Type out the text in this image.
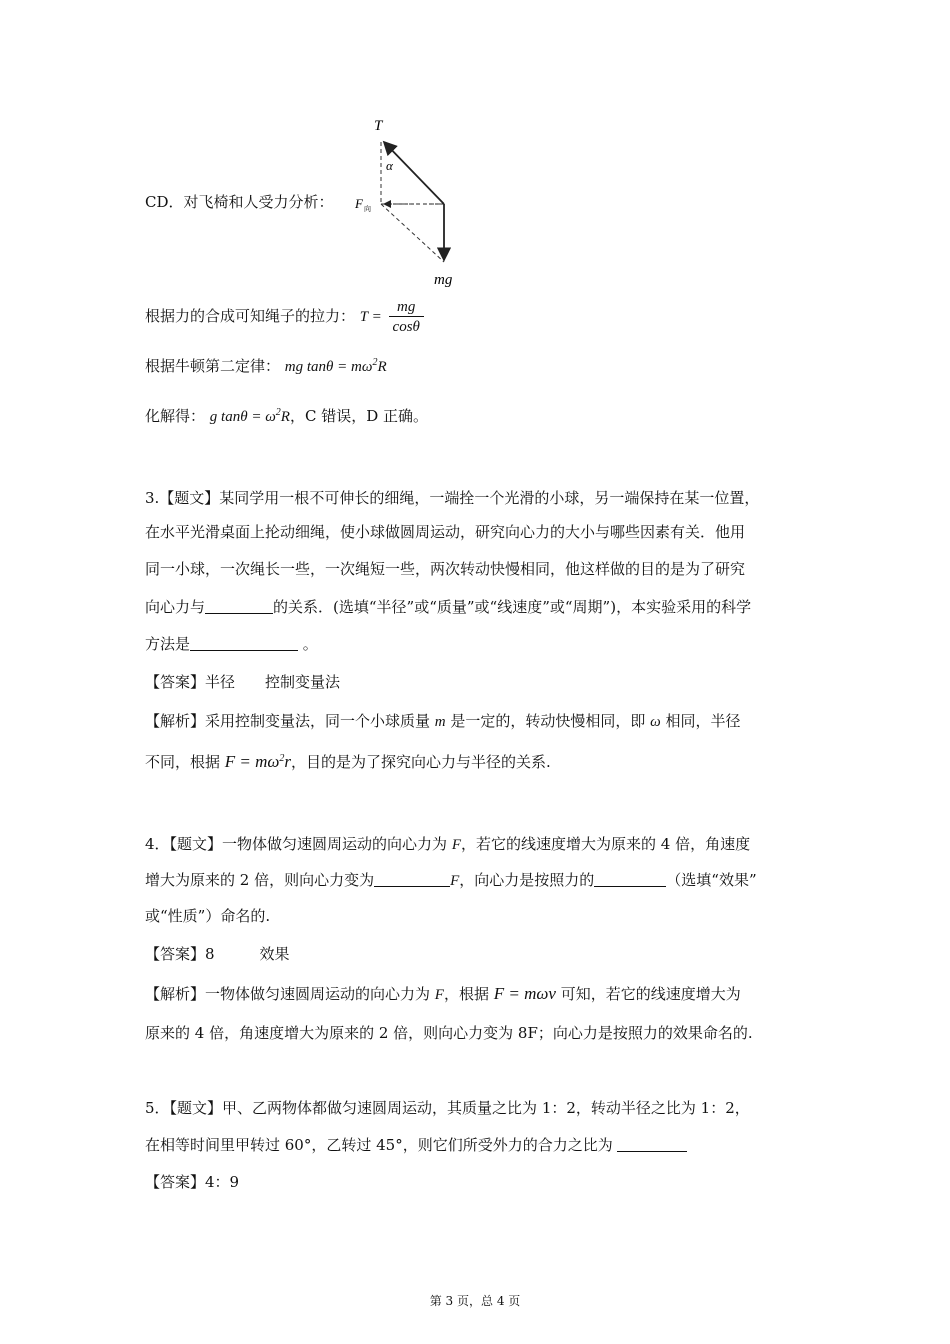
T
α
F 向
mg
CD．对飞椅和人受力分析：
根据力的合成可知绳子的拉力： $T = \frac{mg}{\cos\theta}$
根据牛顿第二定律： mg $\tan\theta = m\omega^2R$
化解得： g $\tan\theta = \omega^2R$，C 错误，D 正确。
3.【题文】某同学用一根不可伸长的细绳，一端拴一个光滑的小球，另一端保持在某一位置，
在水平光滑桌面上抡动细绳，使小球做圆周运动，研究向心力的大小与哪些因素有关．他用
同一小球，一次绳长一些，一次绳短一些，两次转动快慢相同，他这样做的目的是为了研究
向心力与	的关系．(选填“半径”或“质量”或“线速度”或“周期”)，本实验采用的科学
方法是	。
【答案】半径　　控制变量法
【解析】采用控制变量法，同一个小球质量 m 是一定的，转动快慢相同，即 ω 相同，半径
不同，根据 $F = m\omega^2r$，目的是为了探究向心力与半径的关系.
4．【题文】一物体做匀速圆周运动的向心力为 F，若它的线速度增大为原来的 4 倍，角速度
增大为原来的 2 倍，则向心力变为	F，向心力是按照力的	（选填“效果”
或“性质”）命名的.
【答案】8　　　效果
【解析】一物体做匀速圆周运动的向心力为 F，根据 F = mωv 可知，若它的线速度增大为
原来的 4 倍，角速度增大为原来的 2 倍，则向心力变为 8F；向心力是按照力的效果命名的.
5．【题文】甲、乙两物体都做匀速圆周运动，其质量之比为 1：2，转动半径之比为 1：2，
在相等时间里甲转过 60°，乙转过 45°，则它们所受外力的合力之比为
【答案】4：9
第 3 页，总 4 页
